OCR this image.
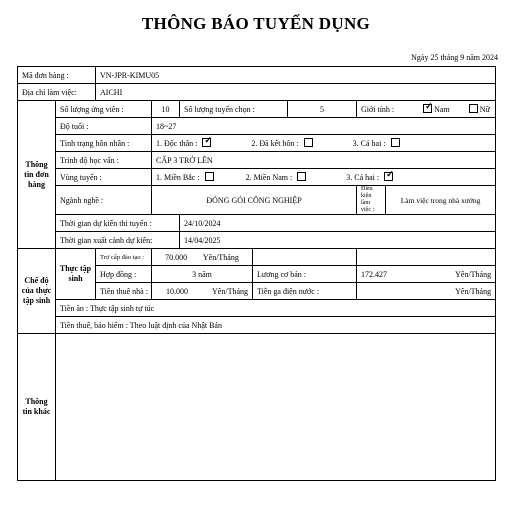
THÔNG BÁO TUYỂN DỤNG
Ngày 25 tháng 9 năm 2024
Mã đơn hàng :		VN-JPR-KIMU05						
Địa chỉ làm việc:		AICHI						
Thông tin đơn hàng	Số lượng ứng viên :		10	Số lượng tuyển chọn :		5	Giới tính : ✓ Nam Nữ
	Độ tuổi :		18~27					
	Tình trạng hôn nhân :		1. Độc thân : ✓ 2. Đã kết hôn : 3. Cả hai :
	Trình độ học vấn :		CẤP 3 TRỞ LÊN					
	Vùng tuyển :		1. Miền Bắc : 2. Miền Nam : 3. Cả hai : ✓
	Ngành nghề :		ĐÓNG GÓI CÔNG NGHIỆP				Điều kiện làm việc :	Làm việc trong nhà xưởng
	Thời gian dự kiến thi tuyển :			24/10/2024				
	Thời gian xuất cảnh dự kiến:			14/04/2025				
Chế độ của thực tập sinh	Thực tập sinh	Trợ cấp đào tạo :	70.000 Yên/Tháng					
		Hợp đồng :	3 năm		Lương cơ bản :		172.427 Yên/Tháng	

		Tiền thuê nhà :	10.000 Yên/Tháng		Tiền ga điện nước :		Yên/Tháng	
	Tiền ăn : Thực tập sinh tự túc							
	Tiền thuế, bảo hiểm : Theo luật định của Nhật Bản							
Thông tin khác								
